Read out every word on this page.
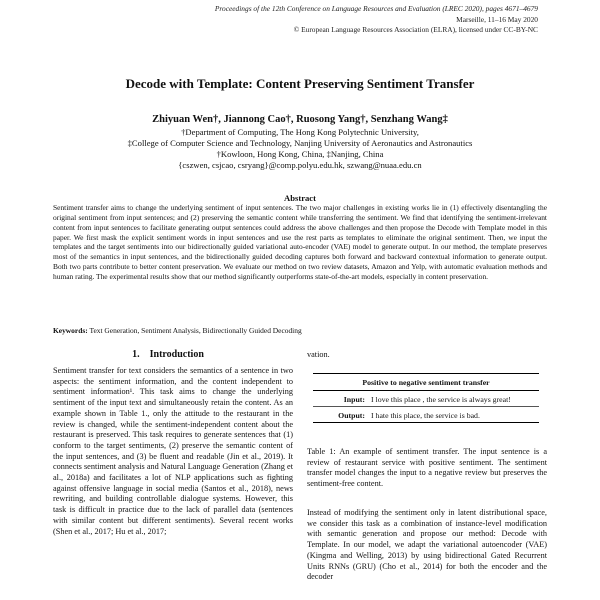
Proceedings of the 12th Conference on Language Resources and Evaluation (LREC 2020), pages 4671–4679
Marseille, 11–16 May 2020
© European Language Resources Association (ELRA), licensed under CC-BY-NC
Decode with Template: Content Preserving Sentiment Transfer
Zhiyuan Wen†, Jiannong Cao†, Ruosong Yang†, Senzhang Wang‡
†Department of Computing, The Hong Kong Polytechnic University,
‡College of Computer Science and Technology, Nanjing University of Aeronautics and Astronautics
†Kowloon, Hong Kong, China, ‡Nanjing, China
{cszwen, csjcao, csryang}@comp.polyu.edu.hk, szwang@nuaa.edu.cn
Abstract
Sentiment transfer aims to change the underlying sentiment of input sentences. The two major challenges in existing works lie in (1) effectively disentangling the original sentiment from input sentences; and (2) preserving the semantic content while transferring the sentiment. We find that identifying the sentiment-irrelevant content from input sentences to facilitate generating output sentences could address the above challenges and then propose the Decode with Template model in this paper. We first mask the explicit sentiment words in input sentences and use the rest parts as templates to eliminate the original sentiment. Then, we input the templates and the target sentiments into our bidirectionally guided variational auto-encoder (VAE) model to generate output. In our method, the template preserves most of the semantics in input sentences, and the bidirectionally guided decoding captures both forward and backward contextual information to generate output. Both two parts contribute to better content preservation. We evaluate our method on two review datasets, Amazon and Yelp, with automatic evaluation methods and human rating. The experimental results show that our method significantly outperforms state-of-the-art models, especially in content preservation.
Keywords: Text Generation, Sentiment Analysis, Bidirectionally Guided Decoding
1. Introduction
Sentiment transfer for text considers the semantics of a sentence in two aspects: the sentiment information, and the content independent to sentiment information¹. This task aims to change the underlying sentiment of the input text and simultaneously retain the content. As an example shown in Table 1., only the attitude to the restaurant in the review is changed, while the sentiment-independent content about the restaurant is preserved. This task requires to generate sentences that (1) conform to the target sentiments, (2) preserve the semantic content of the input sentences, and (3) be fluent and readable (Jin et al., 2019). It connects sentiment analysis and Natural Language Generation (Zhang et al., 2018a) and facilitates a lot of NLP applications such as fighting against offensive language in social media (Santos et al., 2018), news rewriting, and building controllable dialogue systems. However, this task is difficult in practice due to the lack of parallel data (sentences with similar content but different sentiments). Several recent works (Shen et al., 2017; Hu et al., 2017;
vation.
Positive to negative sentiment transfer
Input: I love this place , the service is always great!
Output: I hate this place, the service is bad.
Table 1: An example of sentiment transfer. The input sentence is a review of restaurant service with positive sentiment. The sentiment transfer model changes the input to a negative review but preserves the sentiment-free content.
Instead of modifying the sentiment only in latent distributional space, we consider this task as a combination of instance-level modification with semantic generation and propose our method: Decode with Template. In our model, we adapt the variational autoencoder (VAE) (Kingma and Welling, 2013) by using bidirectional Gated Recurrent Units RNNs (GRU) (Cho et al., 2014) for both the encoder and the decoder
